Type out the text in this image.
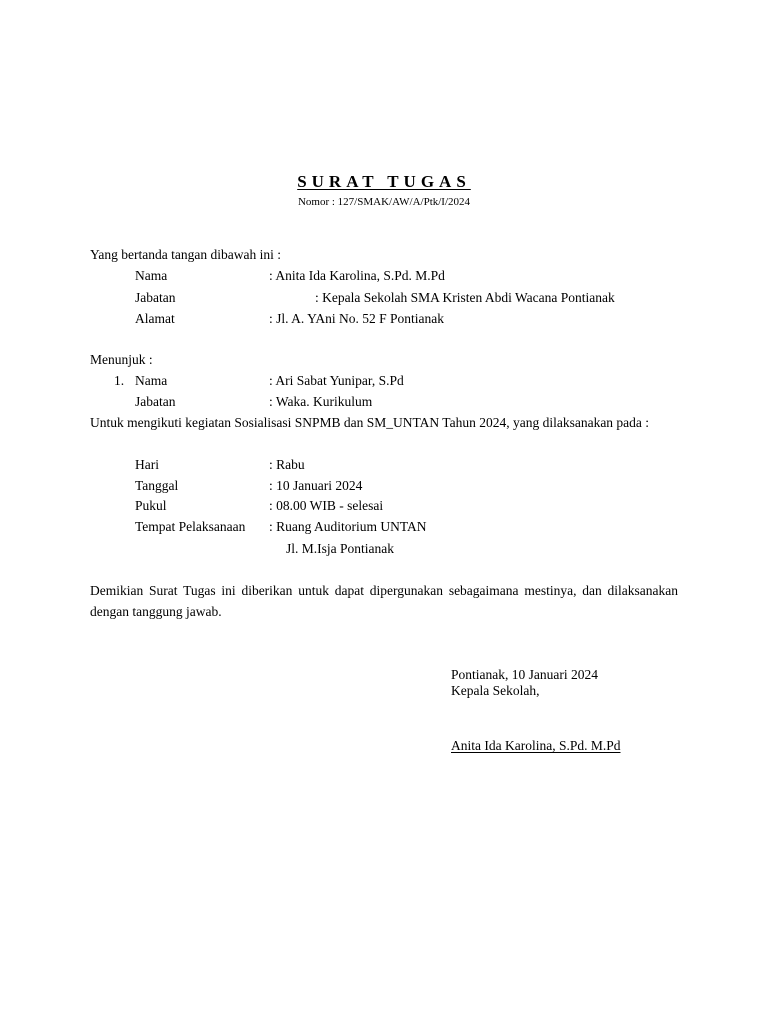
SURAT TUGAS
Nomor : 127/SMAK/AW/A/Ptk/I/2024
Yang bertanda tangan dibawah ini :
Nama	: Anita Ida Karolina, S.Pd. M.Pd
Jabatan	: Kepala Sekolah SMA Kristen Abdi Wacana Pontianak
Alamat	: Jl. A. YAni No. 52 F Pontianak
Menunjuk :
1. Nama	: Ari Sabat Yunipar, S.Pd
Jabatan	: Waka. Kurikulum
Untuk mengikuti kegiatan Sosialisasi SNPMB dan SM_UNTAN Tahun 2024, yang dilaksanakan pada :
Hari	: Rabu
Tanggal	: 10 Januari 2024
Pukul	: 08.00 WIB - selesai
Tempat Pelaksanaan : Ruang Auditorium UNTAN
Jl. M.Isja Pontianak
Demikian Surat Tugas ini diberikan untuk dapat dipergunakan sebagaimana mestinya, dan dilaksanakan dengan tanggung jawab.
Pontianak, 10 Januari 2024
Kepala Sekolah,
Anita Ida Karolina, S.Pd. M.Pd
